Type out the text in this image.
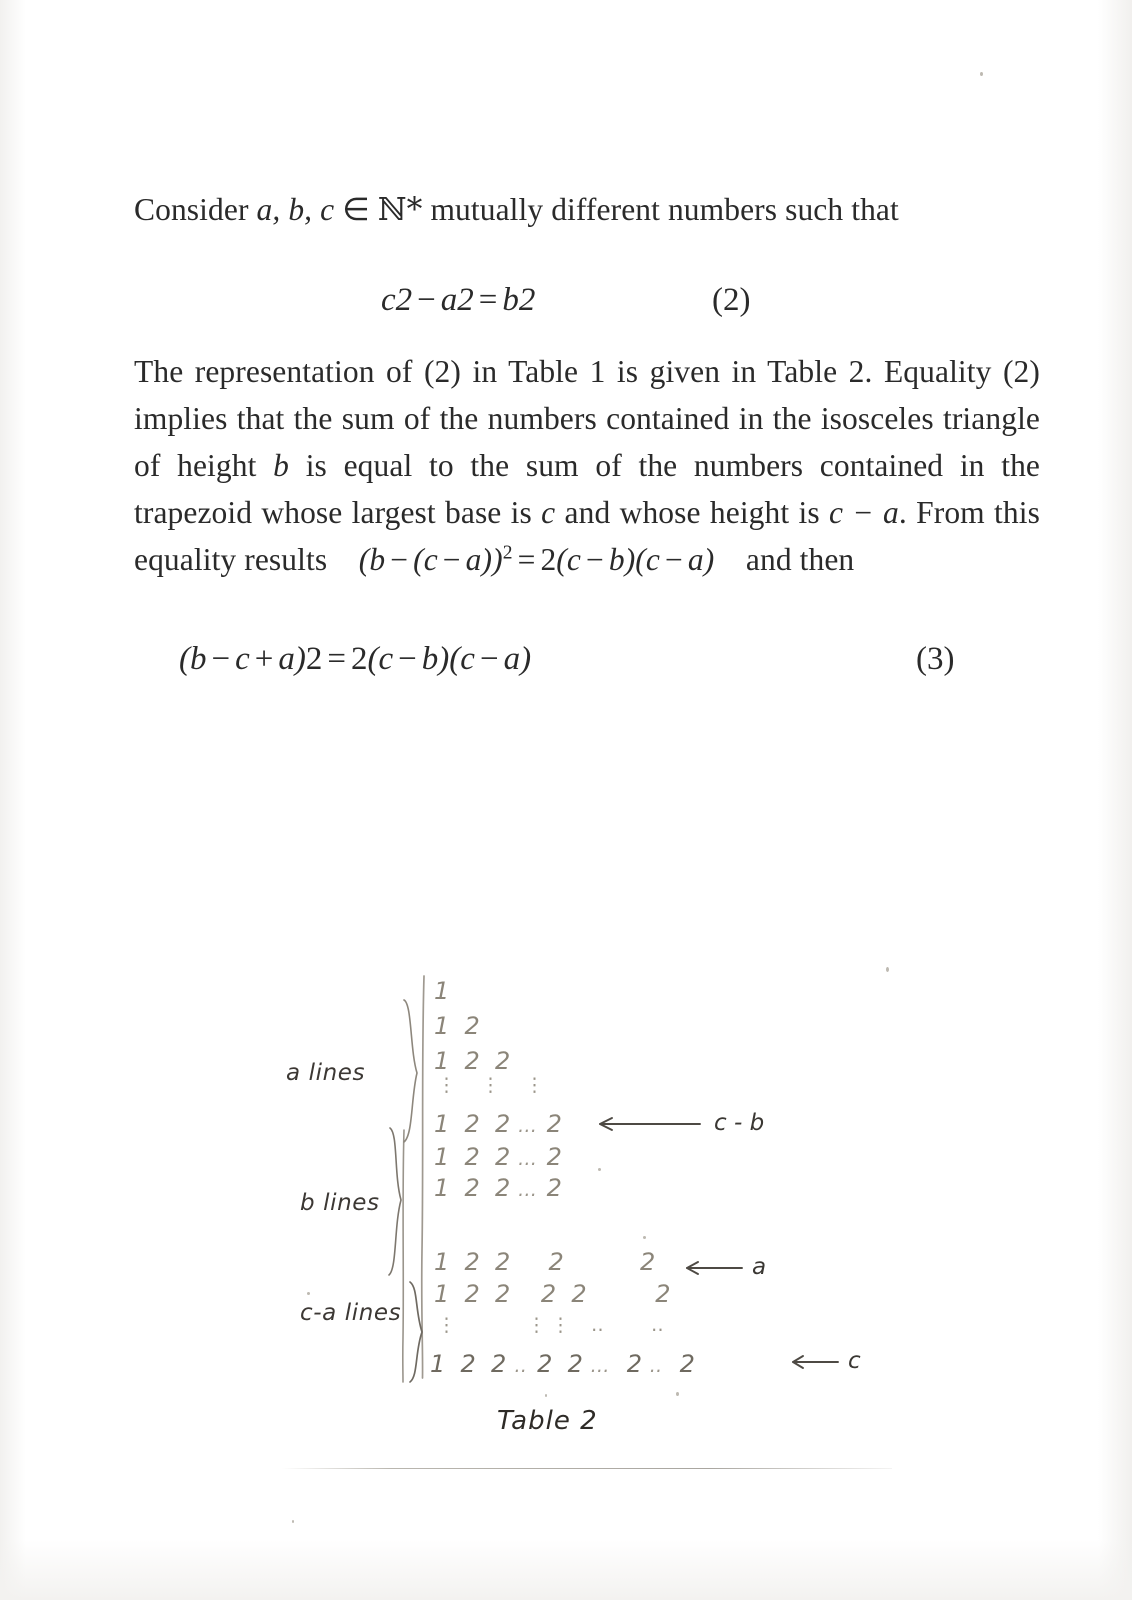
Consider a, b, c ∈ ℕ* mutually different numbers such that

c 2 − a 2 = b 2	(2)

The representation of (2) in Table 1 is given in Table 2. Equality (2) implies that the sum of the numbers contained in the isosceles triangle of height b is equal to the sum of the numbers contained in the trapezoid whose largest base is c and whose height is c − a. From this equality results $(b - (c - a))^2 = 2(c - b)(c - a)$ and then

(b − c + a) 2 = 2 (c − b) (c − a)	(3)
a lines
b lines
c-a lines
1
1  2
1  2  2
⋮ ⋮ ⋮
1  2  2 … 2
1  2  2 … 2
1  2  2 … 2
1  2  2     2          2
1  2  2    2  2         2
⋮	⋮ ⋮	‥	‥
1  2  2 ‥ 2  2 …  2 ‥  2
c - b
a
c
Table 2
